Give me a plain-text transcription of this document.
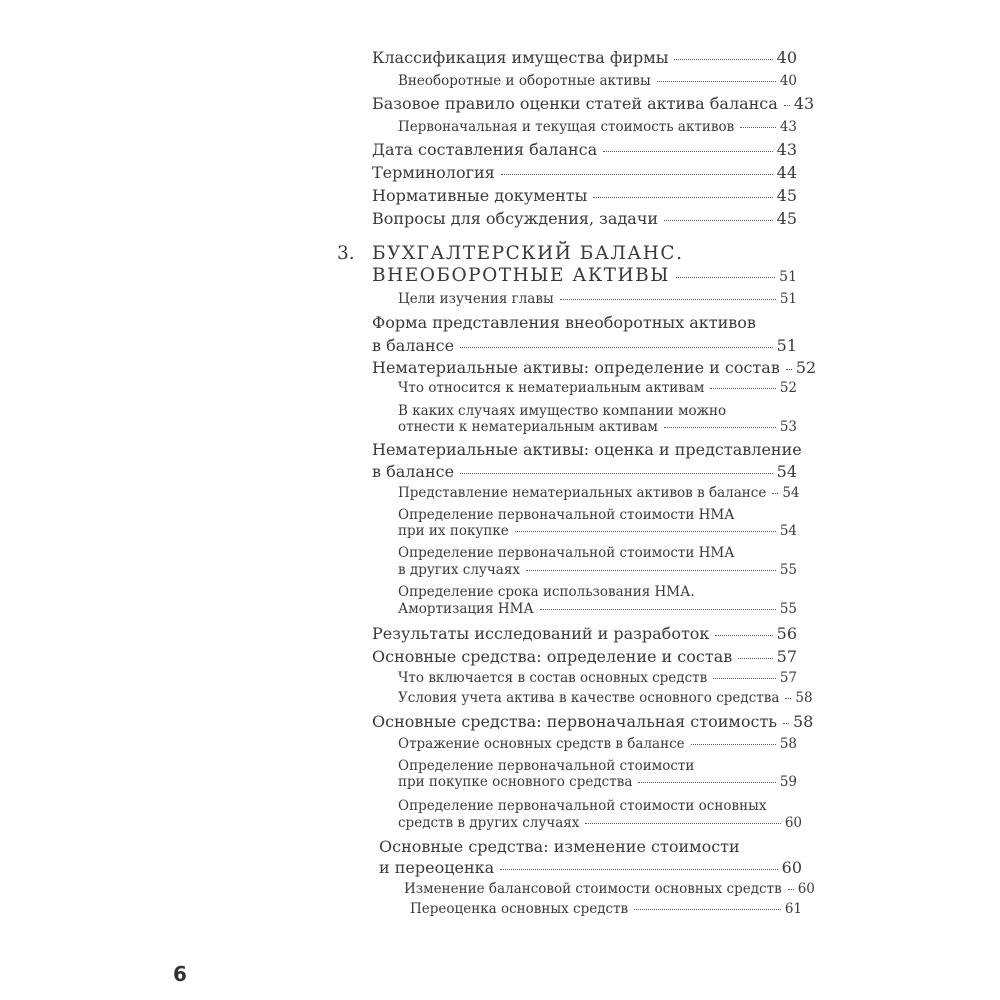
Классификация имущества фирмы	40
Внеоборотные и оборотные активы	40
Базовое правило оценки статей актива баланса 43
Первоначальная и текущая стоимость активов	43
Дата составления баланса	43
Терминология	44
Нормативные документы	45
Вопросы для обсуждения, задачи	45
3. БУХГАЛТЕРСКИЙ БАЛАНС.
ВНЕОБОРОТНЫЕ АКТИВЫ	51
Цели изучения главы	51
Форма представления внеоборотных активов
в балансе	51
Нематериальные активы: определение и состав 52
Что относится к нематериальным активам	52
В каких случаях имущество компании можно
отнести к нематериальным активам	53
Нематериальные активы: оценка и представление
в балансе	54
Представление нематериальных активов в балансе 54
Определение первоначальной стоимости НМА
при их покупке	54
Определение первоначальной стоимости НМА
в других случаях	55
Определение срока использования НМА.
Амортизация НМА	55
Результаты исследований и разработок	56
Основные средства: определение и состав	57
Что включается в состав основных средств	57
Условия учета актива в качестве основного средства 58
Основные средства: первоначальная стоимость 58
Отражение основных средств в балансе	58
Определение первоначальной стоимости
при покупке основного средства	59
Определение первоначальной стоимости основных
средств в других случаях	60
Основные средства: изменение стоимости
и переоценка	60
Изменение балансовой стоимости основных средств 60
Переоценка основных средств	61
6
